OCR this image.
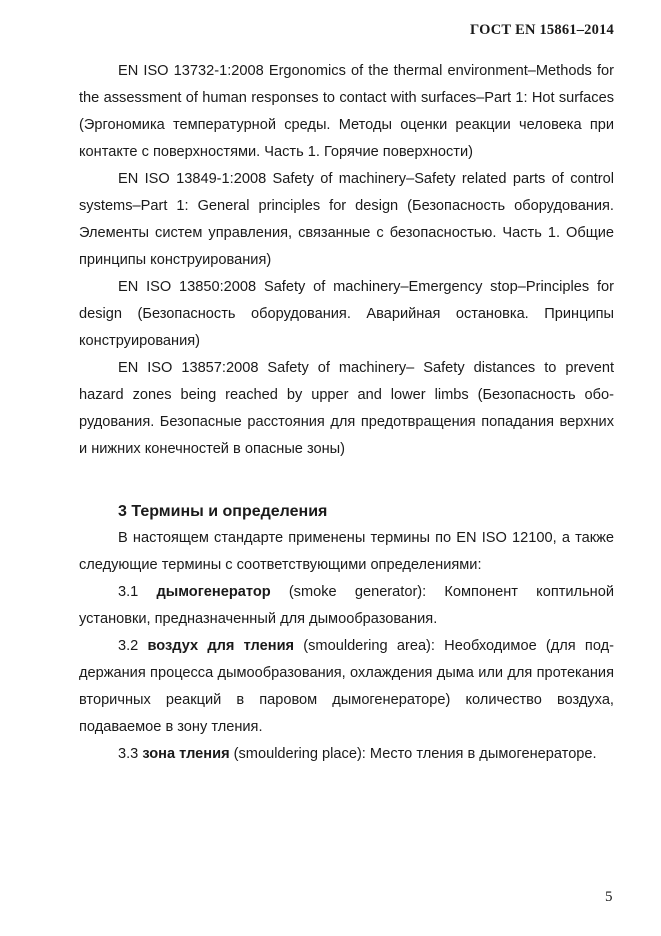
ГОСТ EN 15861–2014

EN ISO 13732-1:2008 Ergonomics of the thermal environment–Methods for the assessment of human responses to contact with surfaces–Part 1: Hot surfaces (Эргономика температурной среды. Методы оценки реакции человека при контакте с поверхностями. Часть 1. Горячие поверхности)

EN ISO 13849-1:2008 Safety of machinery–Safety related parts of control systems–Part 1: General principles for design (Безопасность оборудования. Элементы систем управления, связанные с безопасностью. Часть 1. Общие принципы конструирования)

EN ISO 13850:2008 Safety of machinery–Emergency stop–Principles for design (Безопасность оборудования. Аварийная остановка. Принципы конструирования)

EN ISO 13857:2008 Safety of machinery– Safety distances to prevent hazard zones being reached by upper and lower limbs (Безопасность оборудования. Безопасные расстояния для предотвращения попадания верхних и нижних конечностей в опасные зоны)

3 Термины и определения

В настоящем стандарте применены термины по EN ISO 12100, а также следующие термины с соответствующими определениями:

3.1 дымогенератор (smoke generator): Компонент коптильной установки, предназначенный для дымообразования.

3.2 воздух для тления (smouldering area): Необходимое (для поддержания процесса дымообразования, охлаждения дыма или для протекания вторичных реакций в паровом дымогенераторе) количество воздуха, подаваемое в зону тления.

3.3 зона тления (smouldering place): Место тления в дымогенераторе.

5
